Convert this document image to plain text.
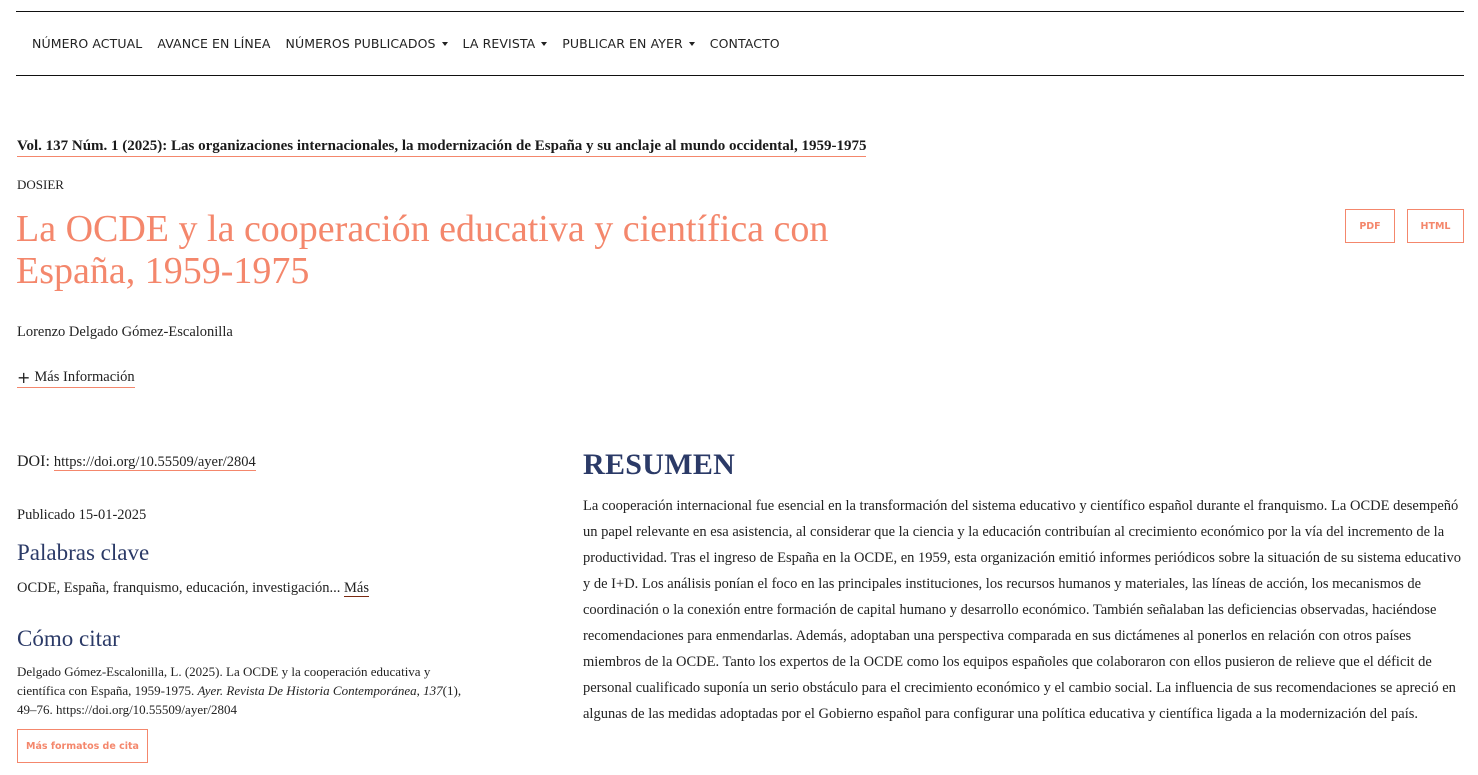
NÚMERO ACTUAL AVANCE EN LÍNEA NÚMEROS PUBLICADOS LA REVISTA PUBLICAR EN AYER CONTACTO
Vol. 137 Núm. 1 (2025): Las organizaciones internacionales, la modernización de España y su anclaje al mundo occidental, 1959-1975
DOSIER
La OCDE y la cooperación educativa y científica con España, 1959-1975
PDF	HTML
Lorenzo Delgado Gómez-Escalonilla
+ Más Información
DOI: https://doi.org/10.55509/ayer/2804
Publicado 15-01-2025
Palabras clave
OCDE, España, franquismo, educación, investigación... Más
Cómo citar
Delgado Gómez-Escalonilla, L. (2025). La OCDE y la cooperación educativa y científica con España, 1959-1975. Ayer. Revista De Historia Contemporánea, 137(1), 49–76. https://doi.org/10.55509/ayer/2804
Más formatos de cita
RESUMEN

La cooperación internacional fue esencial en la transformación del sistema educativo y científico español durante el franquismo. La OCDE desempeñó un papel relevante en esa asistencia, al considerar que la ciencia y la educación contribuían al crecimiento económico por la vía del incremento de la productividad. Tras el ingreso de España en la OCDE, en 1959, esta organización emitió informes periódicos sobre la situación de su sistema educativo y de I+D. Los análisis ponían el foco en las principales instituciones, los recursos humanos y materiales, las líneas de acción, los mecanismos de coordinación o la conexión entre formación de capital humano y desarrollo económico. También señalaban las deficiencias observadas, haciéndose recomendaciones para enmendarlas. Además, adoptaban una perspectiva comparada en sus dictámenes al ponerlos en relación con otros países miembros de la OCDE. Tanto los expertos de la OCDE como los equipos españoles que colaboraron con ellos pusieron de relieve que el déficit de personal cualificado suponía un serio obstáculo para el crecimiento económico y el cambio social. La influencia de sus recomendaciones se apreció en algunas de las medidas adoptadas por el Gobierno español para configurar una política educativa y científica ligada a la modernización del país.
